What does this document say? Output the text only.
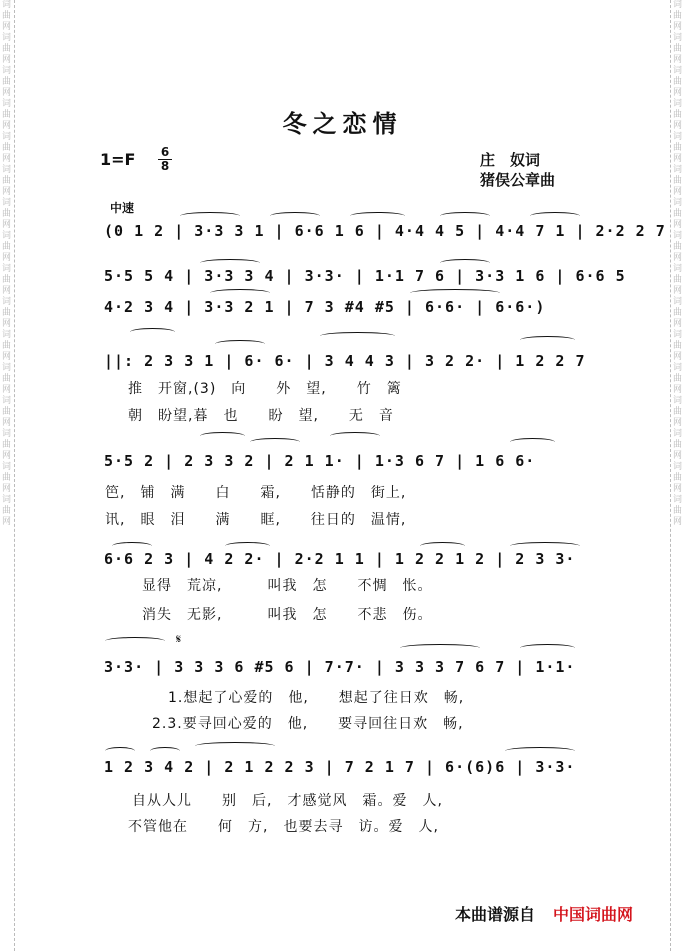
词曲网词曲网词曲网词曲网词曲网词曲网词曲网词曲网词曲网词曲网词曲网词曲网词曲网词曲网词曲网词曲网
词曲网词曲网词曲网词曲网词曲网词曲网词曲网词曲网词曲网词曲网词曲网词曲网词曲网词曲网词曲网词曲网
冬之恋情
1=F 6
8	庄　奴词
猪俣公章曲
中速
(0 1 2 | 3·3 3 1 | 6·6 1 6 | 4·4 4 5 | 4·4 7 1 | 2·2 2 7
5·5 5 4 | 3·3 3 4 | 3·3· | 1·1 7 6 | 3·3 1 6 | 6·6 5
4·2 3 4 | 3·3 2 1 | 7 3 #4 #5 | 6·6· | 6·6·)
||: 2 3 3 1 | 6· 6· | 3 4 4 3 | 3 2 2· | 1 2 2 7
推　开窗,(3)　向　　外　望,　　竹　篱
朝　盼望,暮　也　　盼　望,　　无　音
5·5 2 | 2 3 3 2 | 2 1 1· | 1·3 6 7 | 1 6 6·
笆,　铺　满　　白　　霜,　　恬静的　街上,
讯,　眼　泪　　满　　眶,　　往日的　温情,
6·6 2 3 | 4 2 2· | 2·2 1 1 | 1 2 2 1 2 | 2 3 3·
显得　荒凉,　　　叫我　怎　　不惆　怅。
消失　无影,　　　叫我　怎　　不悲　伤。
𝄋
3·3· | 3 3 3 6 #5 6 | 7·7· | 3 3 3 7 6 7 | 1·1·
1.想起了心爱的　他,　　想起了往日欢　畅,
2.3.要寻回心爱的　他,　　要寻回往日欢　畅,
1 2 3 4 2 | 2 1 2 2 3 | 7 2 1 7 | 6·(6)6 | 3·3·
自从人儿　　别　后,　才感觉风　霜。爱　人,
不管他在　　何　方,　也要去寻　访。爱　人,
本曲谱源自 中国词曲网
